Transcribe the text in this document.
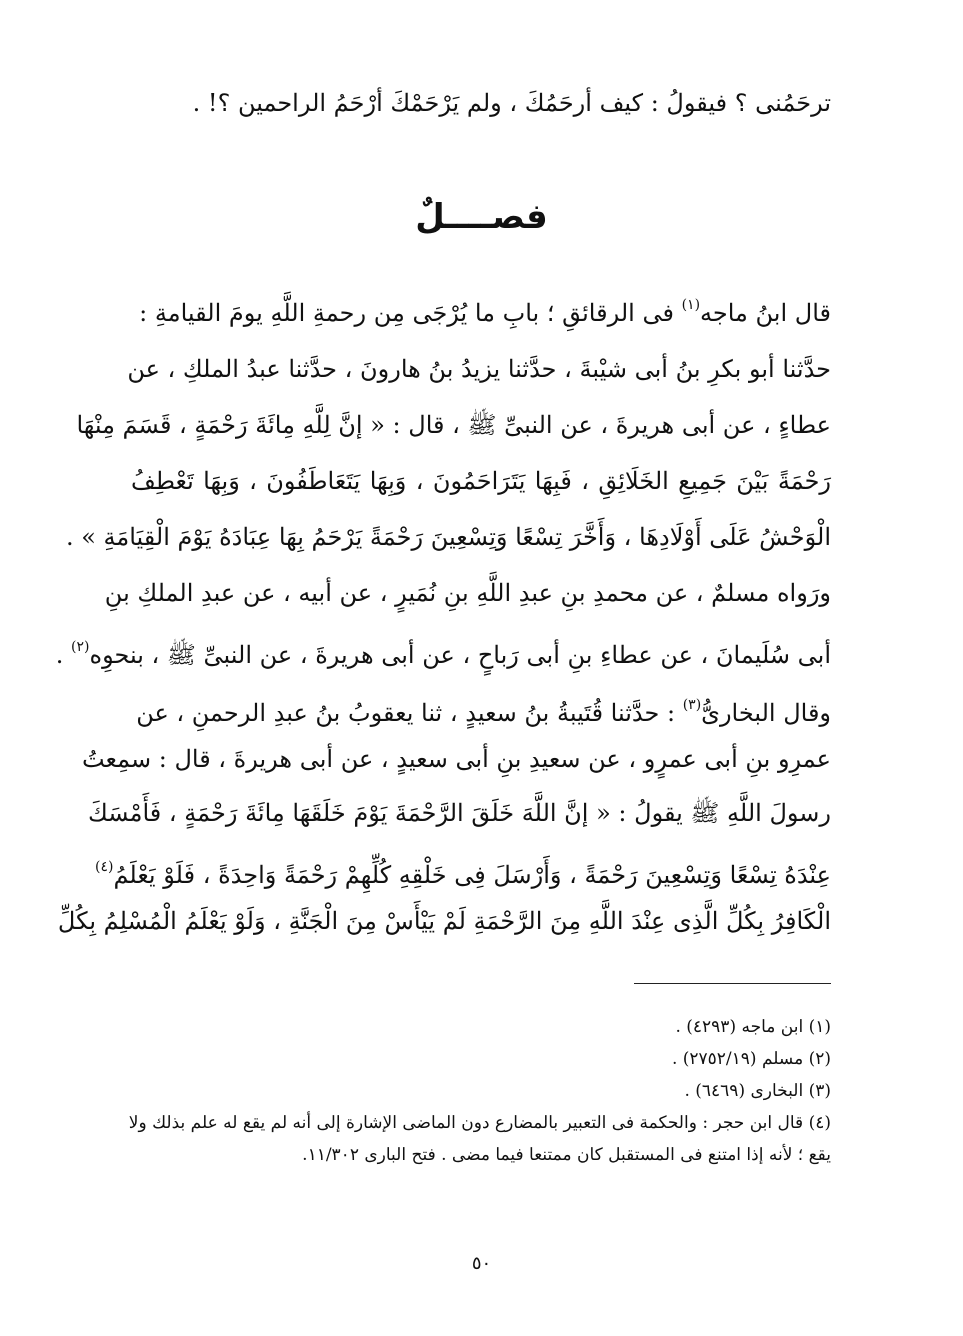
ترحَمُنى ؟ فيقولُ : كيف أرحَمُكَ ، ولم يَرْحَمْكَ أرْحَمُ الراحمين ؟! .
فصــــلٌ
قال ابنُ ماجه$^{(١)}$ فى الرقائقِ ؛ بابِ ما يُرْجَى مِن رحمةِ اللَّهِ يومَ القيامةِ :
حدَّثنا أبو بكرِ بنُ أبى شيْبةَ ، حدَّثنا يزيدُ بنُ هارونَ ، حدَّثنا عبدُ الملكِ ، عن
عطاءٍ ، عن أبى هريرةَ ، عن النبىِّ ﷺ ، قال : « إنَّ لِلَّهِ مِائَةَ رَحْمَةٍ ، قَسَمَ مِنْهَا
رَحْمَةً بَيْنَ جَمِيعِ الخَلَائِقِ ، فَبِهَا يَتَرَاحَمُونَ ، وَبِهَا يَتَعَاطَفُونَ ، وَبِهَا تَعْطِفُ
الْوَحْشُ عَلَى أَوْلَادِهَا ، وَأَخَّرَ تِسْعًا وَتِسْعِينَ رَحْمَةً يَرْحَمُ بِهَا عِبَادَهُ يَوْمَ الْقِيَامَةِ » .
ورَواه مسلمٌ ، عن محمدِ بنِ عبدِ اللَّهِ بنِ نُمَيرٍ ، عن أبيه ، عن عبدِ الملكِ بنِ
أبى سُلَيمانَ ، عن عطاءِ بنِ أبى رَباحٍ ، عن أبى هريرةَ ، عن النبىِّ ﷺ ، بنحوِه$^{(٢)}$ .
وقال البخارىُّ$^{(٣)}$ : حدَّثنا قُتَيبةُ بنُ سعيدٍ ، ثنا يعقوبُ بنُ عبدِ الرحمنِ ، عن
عمرِو بنِ أبى عمرٍو ، عن سعيدِ بنِ أبى سعيدٍ ، عن أبى هريرةَ ، قال : سمِعتُ
رسولَ اللَّهِ ﷺ يقولُ : « إنَّ اللَّهَ خَلَقَ الرَّحْمَةَ يَوْمَ خَلَقَهَا مِائَةَ رَحْمَةٍ ، فَأَمْسَكَ
عِنْدَهُ تِسْعًا وَتِسْعِينَ رَحْمَةً ، وَأَرْسَلَ فِى خَلْقِهِ كُلِّهِمْ رَحْمَةً وَاحِدَةً ، فَلَوْ يَعْلَمُ$^{(٤)}$
الْكَافِرُ بِكُلِّ الَّذِى عِنْدَ اللَّهِ مِنَ الرَّحْمَةِ لَمْ يَيْأَسْ مِنَ الْجَنَّةِ ، وَلَوْ يَعْلَمُ الْمُسْلِمُ بِكُلِّ
(١) ابن ماجه (٤٢٩٣) .
(٢) مسلم (٢٧٥٢/١٩) .
(٣) البخارى (٦٤٦٩) .
(٤) قال ابن حجر : والحكمة فى التعبير بالمضارع دون الماضى الإشارة إلى أنه لم يقع له علم بذلك ولا
يقع ؛ لأنه إذا امتنع فى المستقبل كان ممتنعا فيما مضى . فتح البارى ١١/٣٠٢.
٥٠
